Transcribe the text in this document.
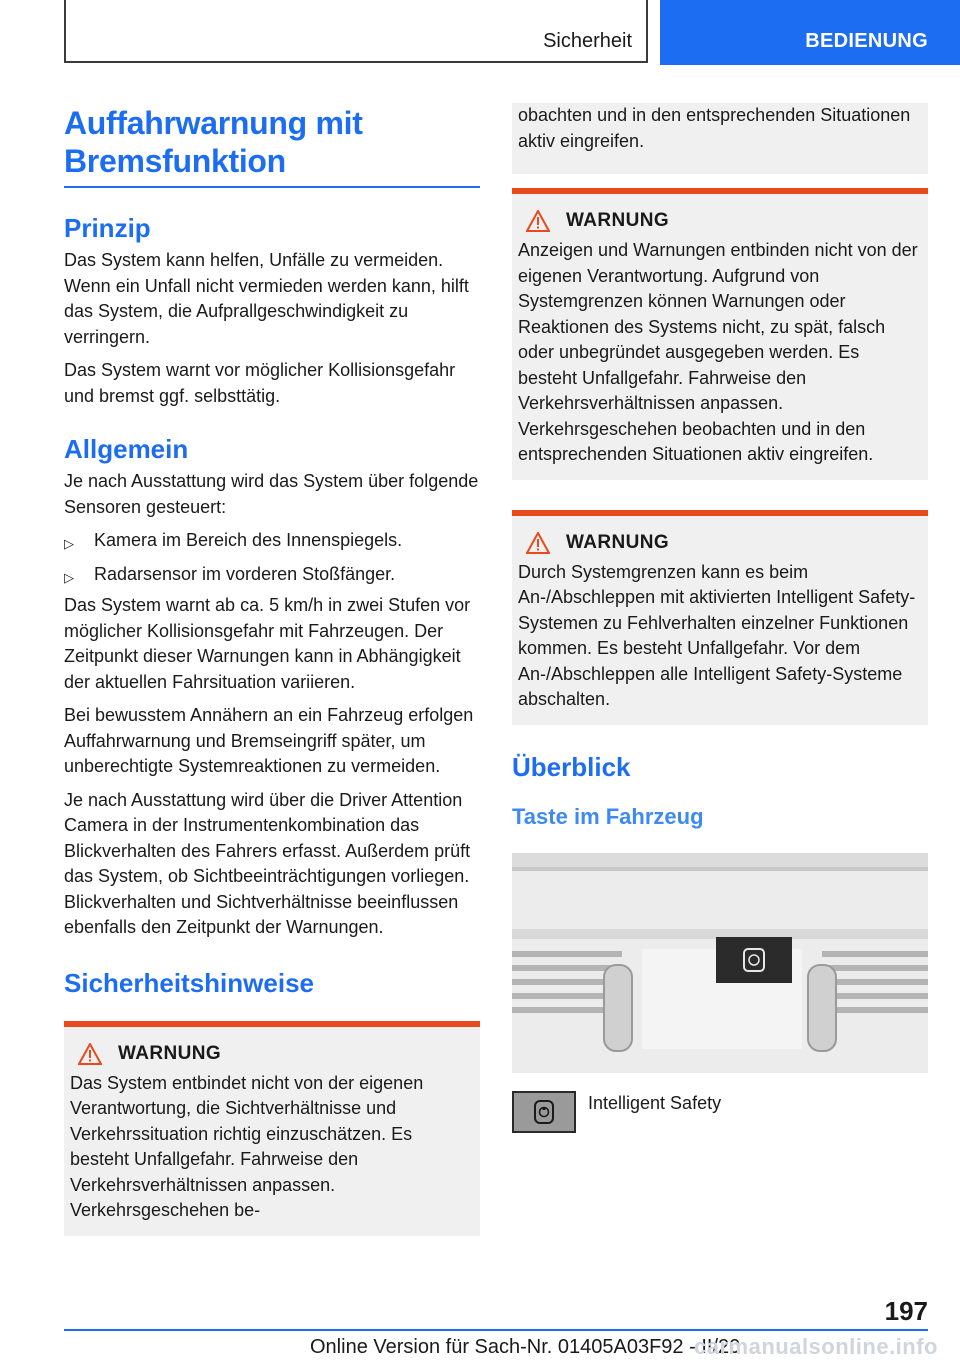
Sicherheit	BEDIENUNG
Auffahrwarnung mit Bremsfunktion
Prinzip

Das System kann helfen, Unfälle zu vermeiden. Wenn ein Unfall nicht vermieden werden kann, hilft das System, die Aufprallgeschwindigkeit zu verringern.

Das System warnt vor möglicher Kollisionsgefahr und bremst ggf. selbsttätig.

Allgemein

Je nach Ausstattung wird das System über folgende Sensoren gesteuert:

▷ Kamera im Bereich des Innenspiegels.
▷ Radarsensor im vorderen Stoßfänger.

Das System warnt ab ca. 5 km/h in zwei Stufen vor möglicher Kollisionsgefahr mit Fahrzeugen. Der Zeitpunkt dieser Warnungen kann in Abhängigkeit der aktuellen Fahrsituation variieren.

Bei bewusstem Annähern an ein Fahrzeug erfolgen Auffahrwarnung und Bremseingriff später, um unberechtigte Systemreaktionen zu vermeiden.

Je nach Ausstattung wird über die Driver Attention Camera in der Instrumentenkombination das Blickverhalten des Fahrers erfasst. Außerdem prüft das System, ob Sichtbeeinträchtigungen vorliegen. Blickverhalten und Sichtverhältnisse beeinflussen ebenfalls den Zeitpunkt der Warnungen.

Sicherheitshinweise
WARNUNG

Das System entbindet nicht von der eigenen Verantwortung, die Sichtverhältnisse und Verkehrssituation richtig einzuschätzen. Es besteht Unfallgefahr. Fahrweise den Verkehrsverhältnissen anpassen. Verkehrsgeschehen be-

obachten und in den entsprechenden Situationen aktiv eingreifen.

WARNUNG

Anzeigen und Warnungen entbinden nicht von der eigenen Verantwortung. Aufgrund von Systemgrenzen können Warnungen oder Reaktionen des Systems nicht, zu spät, falsch oder unbegründet ausgegeben werden. Es besteht Unfallgefahr. Fahrweise den Verkehrsverhältnissen anpassen. Verkehrsgeschehen beobachten und in den entsprechenden Situationen aktiv eingreifen.

WARNUNG

Durch Systemgrenzen kann es beim An-/Abschleppen mit aktivierten Intelligent Safety-Systemen zu Fehlverhalten einzelner Funktionen kommen. Es besteht Unfallgefahr. Vor dem An-/Abschleppen alle Intelligent Safety-Systeme abschalten.

Überblick
Taste im Fahrzeug
Intelligent Safety
197
Online Version für Sach-Nr. 01405A03F92 - II/20
carmanualsonline.info
